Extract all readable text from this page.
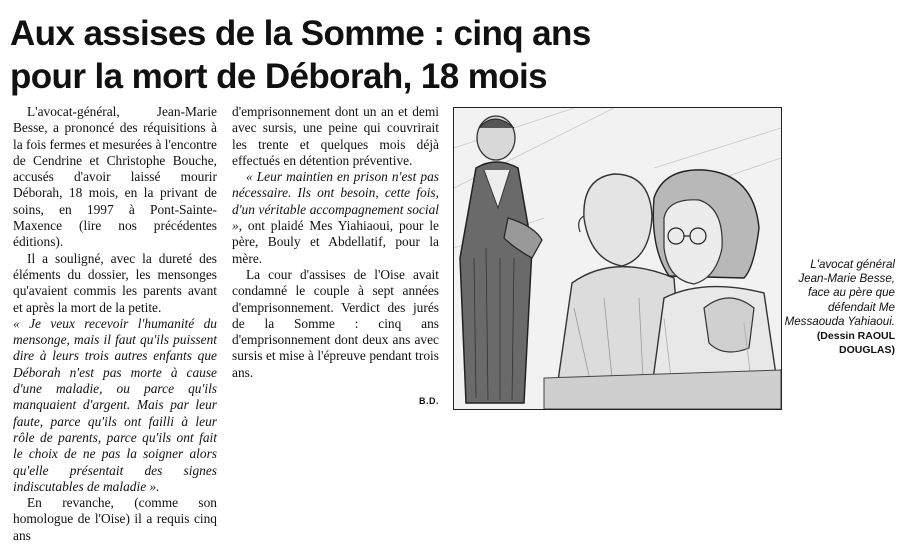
Aux assises de la Somme : cinq ans
pour la mort de Déborah, 18 mois

L'avocat-général, Jean-Marie Besse, a prononcé des réquisitions à la fois fermes et mesurées à l'encontre de Cendrine et Christophe Bouche, accusés d'avoir laissé mourir Déborah, 18 mois, en la privant de soins, en 1997 à Pont-Sainte-Maxence (lire nos précédentes éditions).

Il a souligné, avec la dureté des éléments du dossier, les mensonges qu'avaient commis les parents avant et après la mort de la petite.

« Je veux recevoir l'humanité du mensonge, mais il faut qu'ils puissent dire à leurs trois autres enfants que Déborah n'est pas morte à cause d'une maladie, ou parce qu'ils manquaient d'argent. Mais par leur faute, parce qu'ils ont failli à leur rôle de parents, parce qu'ils ont fait le choix de ne pas la soigner alors qu'elle présentait des signes indiscutables de maladie ».

En revanche, (comme son homologue de l'Oise) il a requis cinq ans

d'emprisonnement dont un an et demi avec sursis, une peine qui couvrirait les trente et quelques mois déjà effectués en détention préventive.

« Leur maintien en prison n'est pas nécessaire. Ils ont besoin, cette fois, d'un véritable accompagnement social », ont plaidé Mes Yiahiaoui, pour le père, Bouly et Abdellatif, pour la mère.

La cour d'assises de l'Oise avait condamné le couple à sept années d'emprisonnement. Verdict des jurés de la Somme : cinq ans d'emprisonnement dont deux ans avec sursis et mise à l'épreuve pendant trois ans.

B.D.
L'avocat général Jean-Marie Besse, face au père que défendait Me Messaouda Yahiaoui. (Dessin RAOUL DOUGLAS)
